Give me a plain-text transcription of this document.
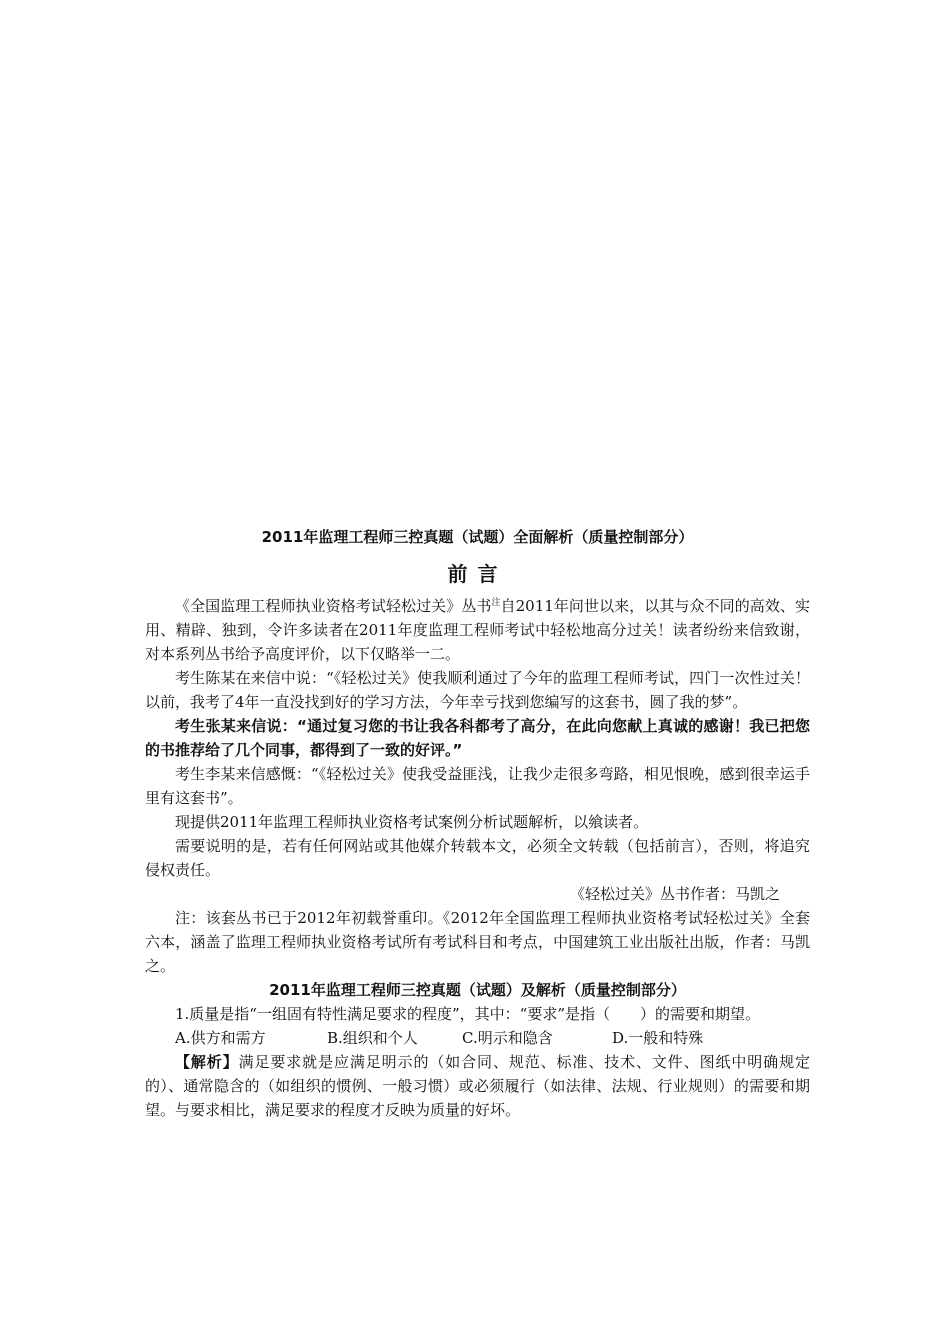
2011年监理工程师三控真题（试题）全面解析（质量控制部分）
前言

《全国监理工程师执业资格考试轻松过关》丛书$^注$自2011年问世以来，以其与众不同的高效、实用、精辟、独到，令许多读者在2011年度监理工程师考试中轻松地高分过关！读者纷纷来信致谢，对本系列丛书给予高度评价，以下仅略举一二。

考生陈某在来信中说：“《轻松过关》使我顺利通过了今年的监理工程师考试，四门一次性过关！以前，我考了4年一直没找到好的学习方法，今年幸亏找到您编写的这套书，圆了我的梦”。

考生张某来信说：“通过复习您的书让我各科都考了高分，在此向您献上真诚的感谢！我已把您的书推荐给了几个同事，都得到了一致的好评。”

考生李某来信感慨：“《轻松过关》使我受益匪浅，让我少走很多弯路，相见恨晚，感到很幸运手里有这套书”。

现提供2011年监理工程师执业资格考试案例分析试题解析，以飨读者。

需要说明的是，若有任何网站或其他媒介转载本文，必须全文转载（包括前言），否则，将追究侵权责任。

《轻松过关》丛书作者：马凯之

注：该套丛书已于2012年初载誉重印。《2012年全国监理工程师执业资格考试轻松过关》全套六本，涵盖了监理工程师执业资格考试所有考试科目和考点，中国建筑工业出版社出版，作者：马凯之。

2011年监理工程师三控真题（试题）及解析（质量控制部分）

1.质量是指“一组固有特性满足要求的程度”，其中：“要求”是指（　　）的需要和期望。

A.供方和需方	B.组织和个人	C.明示和隐含	D.一般和特殊

【解析】满足要求就是应满足明示的（如合同、规范、标准、技术、文件、图纸中明确规定的）、通常隐含的（如组织的惯例、一般习惯）或必须履行（如法律、法规、行业规则）的需要和期望。与要求相比，满足要求的程度才反映为质量的好坏。
